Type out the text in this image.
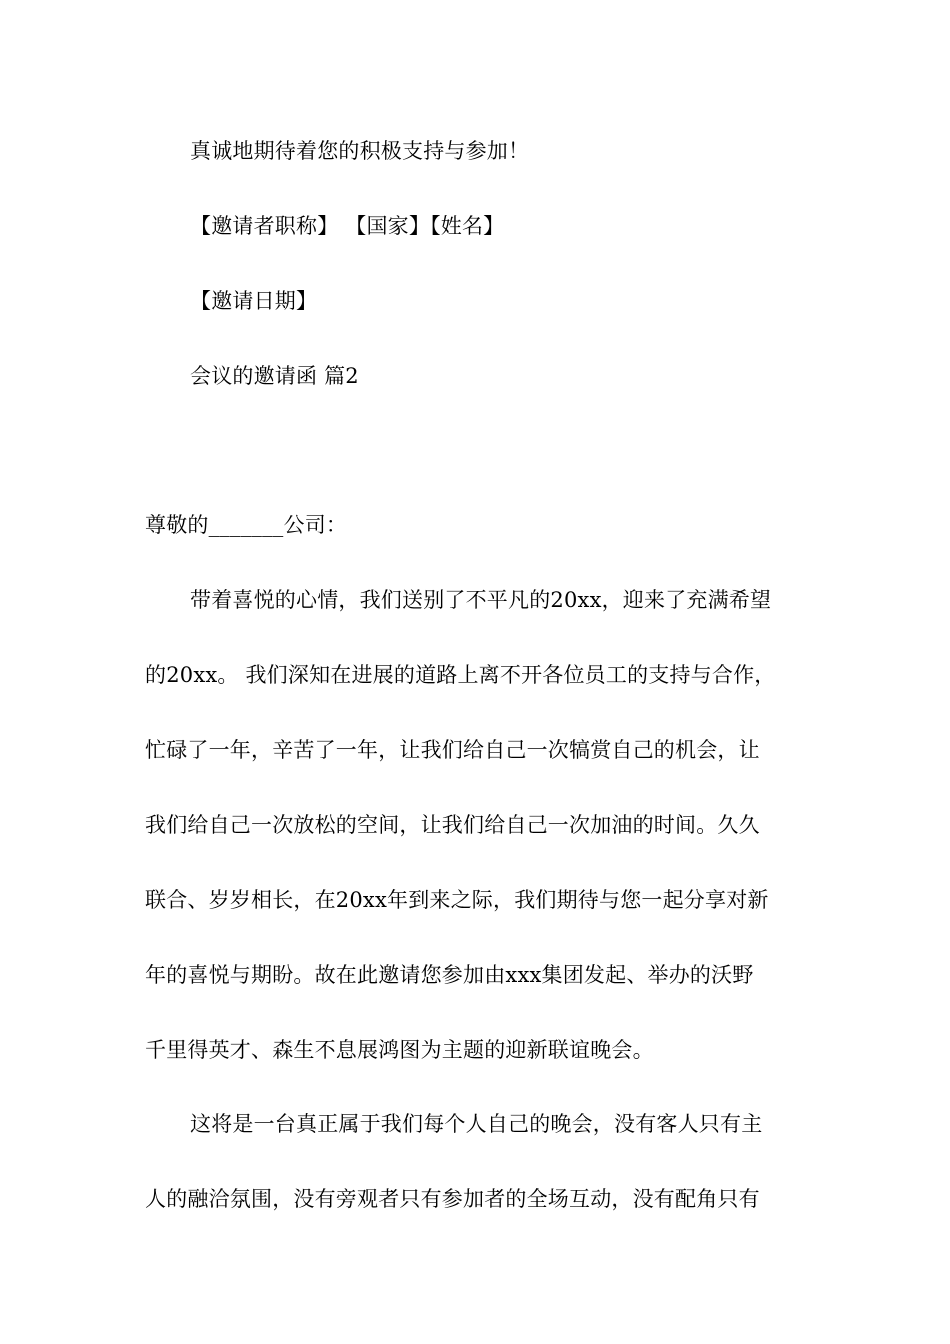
真诚地期待着您的积极支持与参加！
【邀请者职称】 【国家】【姓名】
【邀请日期】
会议的邀请函 篇2
尊敬的_______公司：
带着喜悦的心情，我们送别了不平凡的20xx，迎来了充满希望
的20xx。 我们深知在进展的道路上离不开各位员工的支持与合作，
忙碌了一年，辛苦了一年，让我们给自己一次犒赏自己的机会，让
我们给自己一次放松的空间，让我们给自己一次加油的时间。久久
联合、岁岁相长，在20xx年到来之际，我们期待与您一起分享对新
年的喜悦与期盼。故在此邀请您参加由xxx集团发起、举办的沃野
千里得英才、森生不息展鸿图为主题的迎新联谊晚会。
这将是一台真正属于我们每个人自己的晚会，没有客人只有主
人的融洽氛围，没有旁观者只有参加者的全场互动，没有配角只有
